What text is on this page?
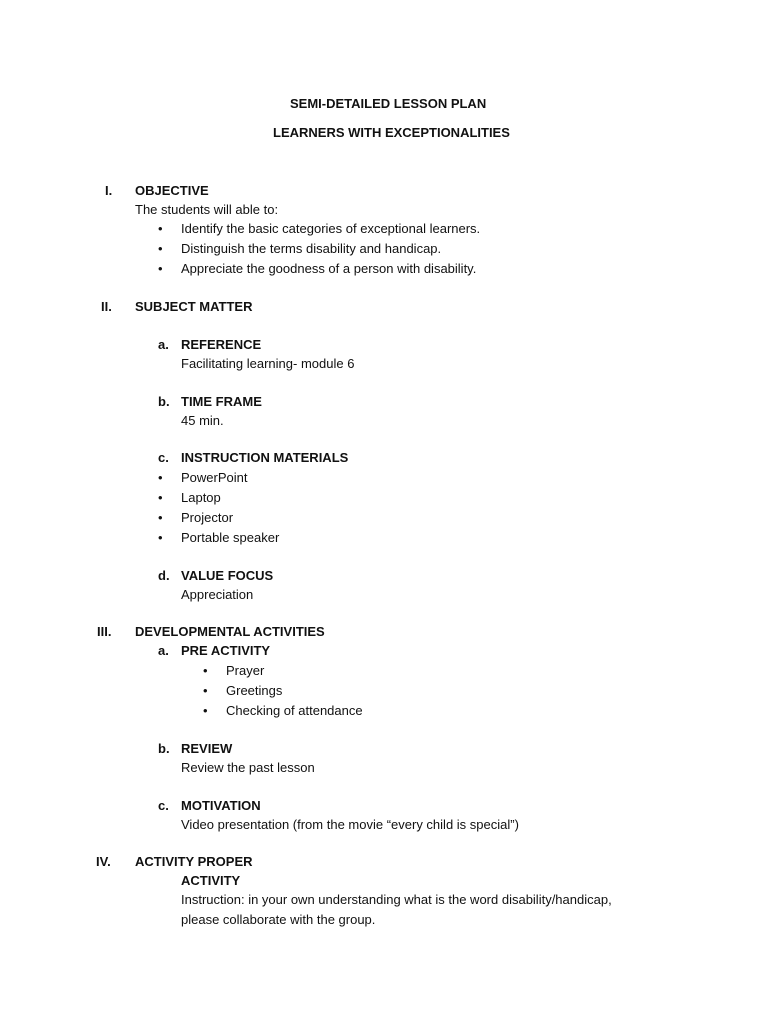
SEMI-DETAILED LESSON PLAN
LEARNERS WITH EXCEPTIONALITIES
I. OBJECTIVE
The students will able to:
• Identify the basic categories of exceptional learners.
• Distinguish the terms disability and handicap.
• Appreciate the goodness of a person with disability.
II. SUBJECT MATTER
a. REFERENCE
Facilitating learning- module 6
b. TIME FRAME
45 min.
c. INSTRUCTION MATERIALS
• PowerPoint
• Laptop
• Projector
• Portable speaker
d. VALUE FOCUS
Appreciation
III. DEVELOPMENTAL ACTIVITIES
a. PRE ACTIVITY
• Prayer
• Greetings
• Checking of attendance
b. REVIEW
Review the past lesson
c. MOTIVATION
Video presentation (from the movie “every child is special”)
IV. ACTIVITY PROPER
ACTIVITY
Instruction: in your own understanding what is the word disability/handicap,
please collaborate with the group.
